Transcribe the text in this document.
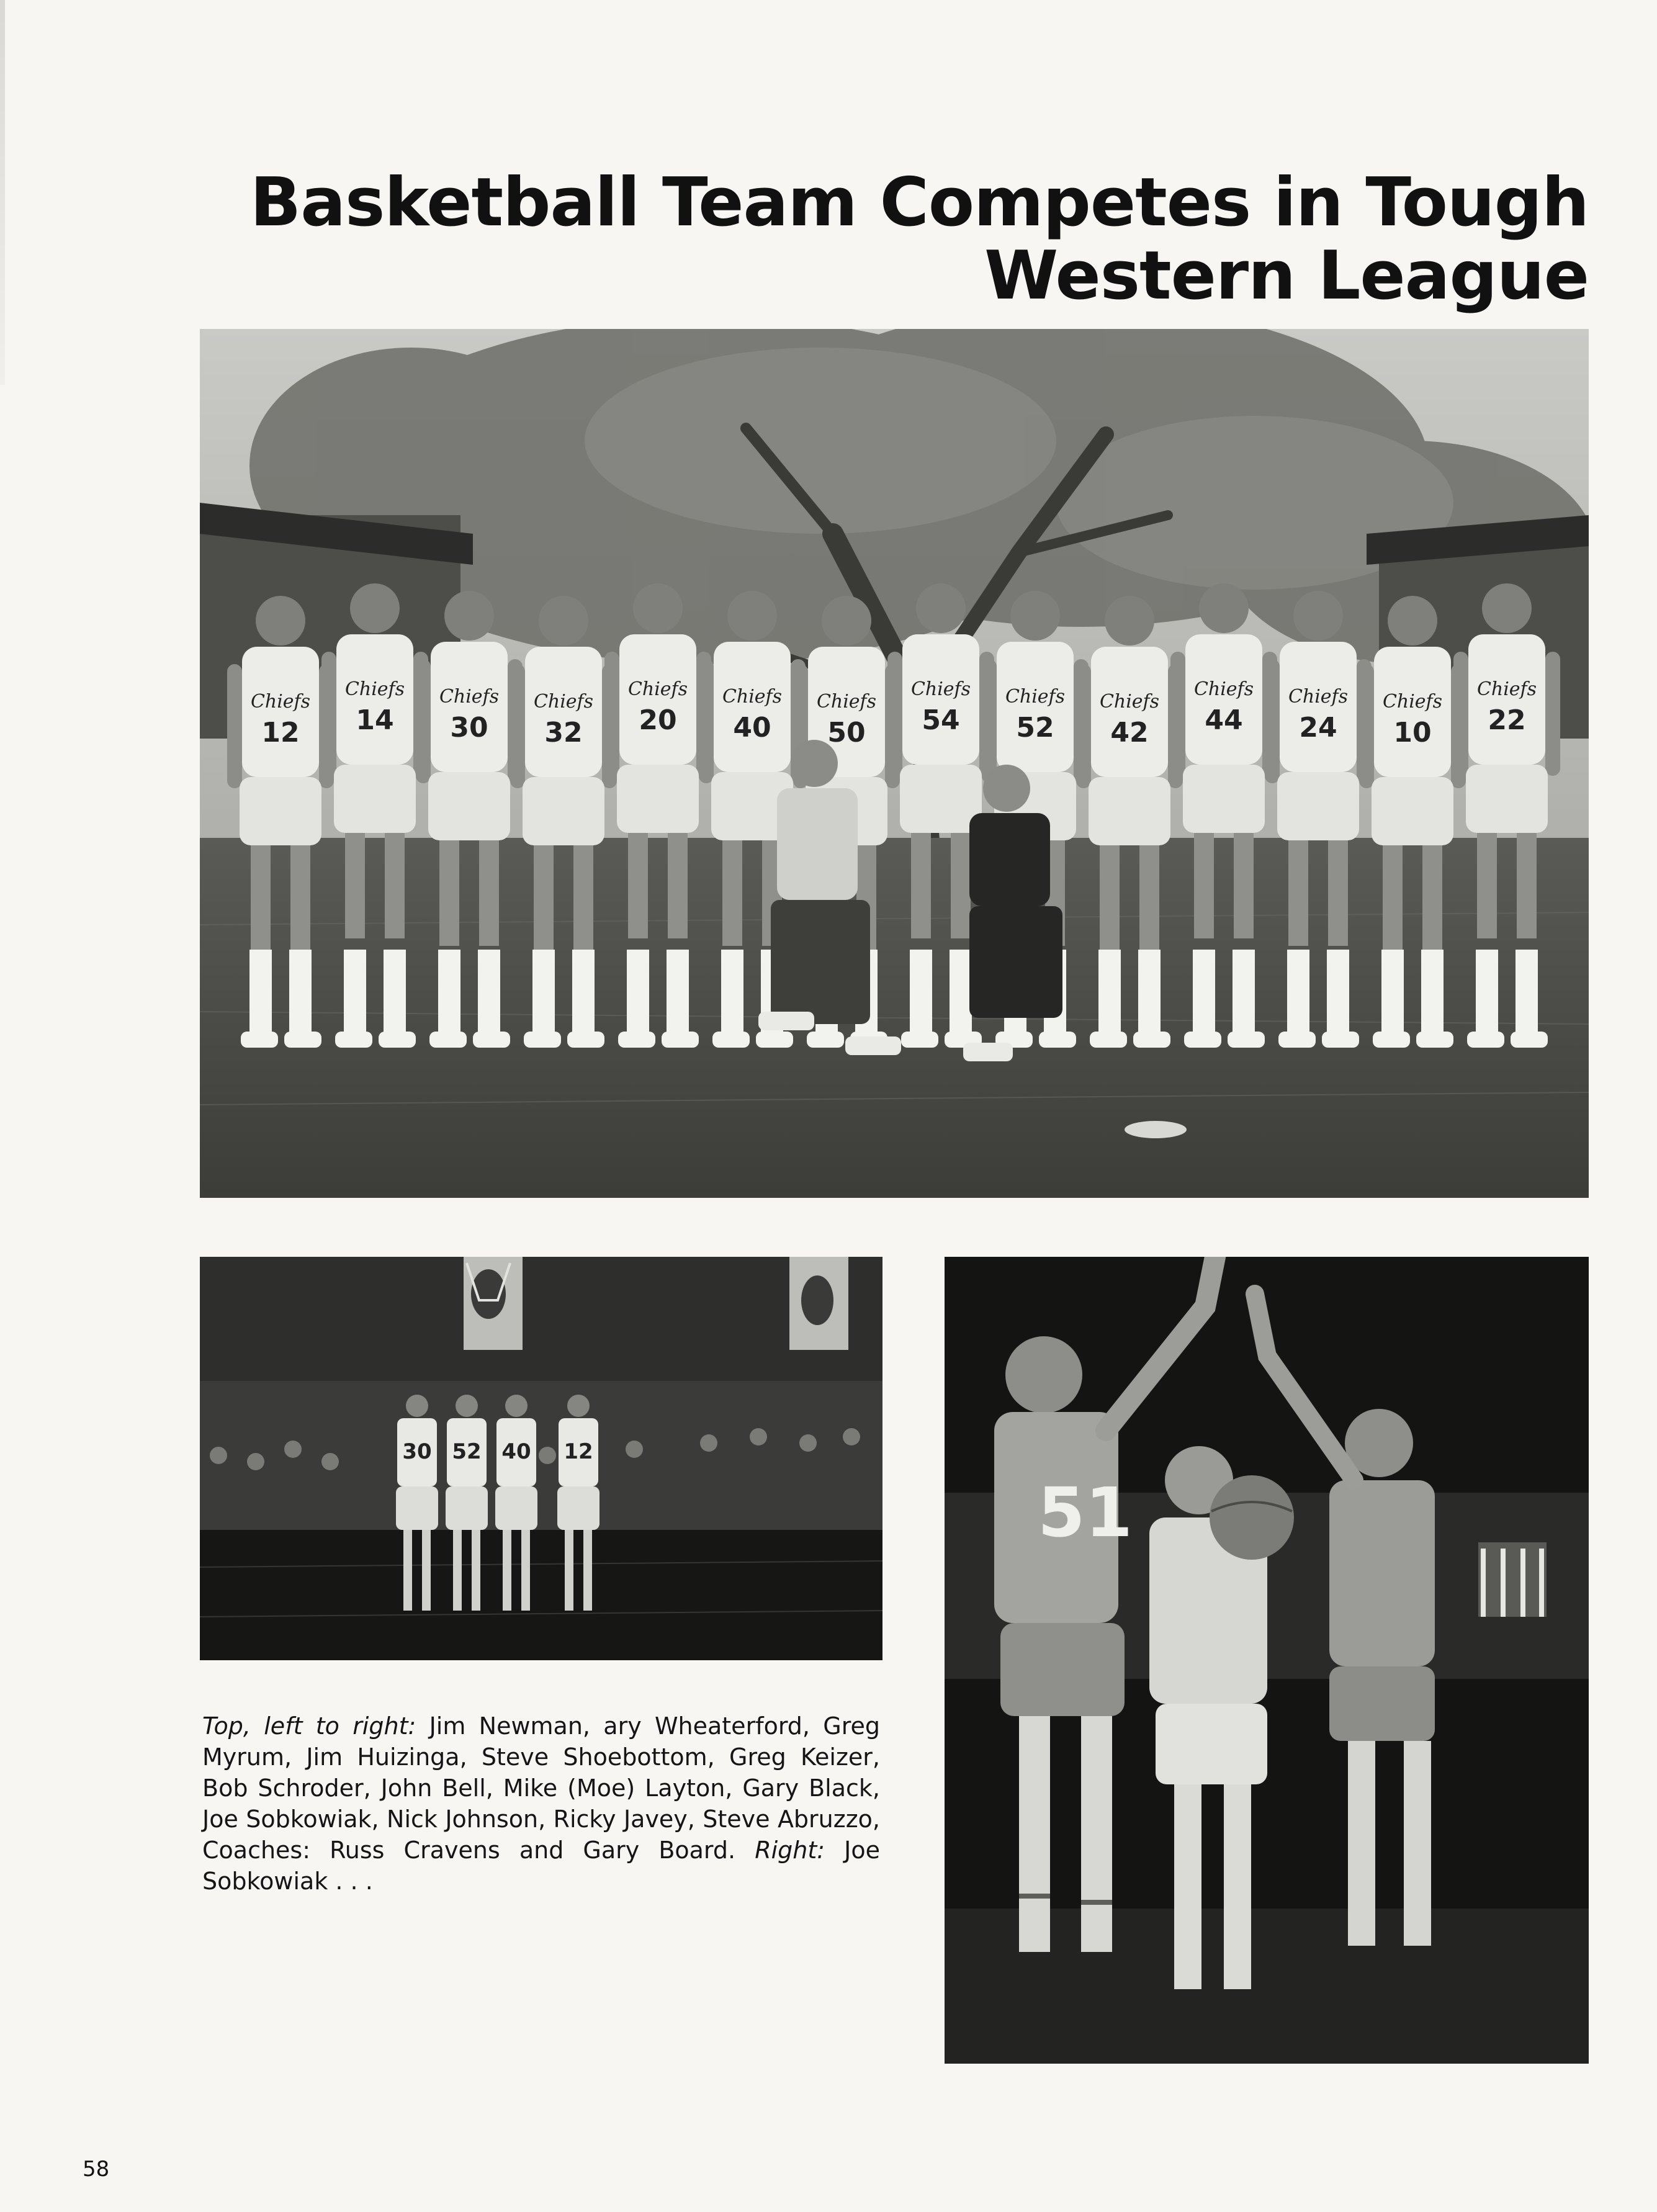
Basketball Team Competes in Tough Western League
Chiefs
12
Chiefs
14
Chiefs
30
Chiefs
32
Chiefs
20
Chiefs
40
Chiefs
50
Chiefs
54
Chiefs
52
Chiefs
42
Chiefs
44
Chiefs
24
Chiefs
10
Chiefs
22
30 52 40 12
51

Top, left to right: Jim Newman, ary Wheaterford, Greg Myrum, Jim Huizinga, Steve Shoebottom, Greg Keizer, Bob Schroder, John Bell, Mike (Moe) Layton, Gary Black, Joe Sobkowiak, Nick Johnson, Ricky Javey, Steve Abruzzo, Coaches: Russ Cravens and Gary Board. Right: Joe Sobkowiak . . .

58
